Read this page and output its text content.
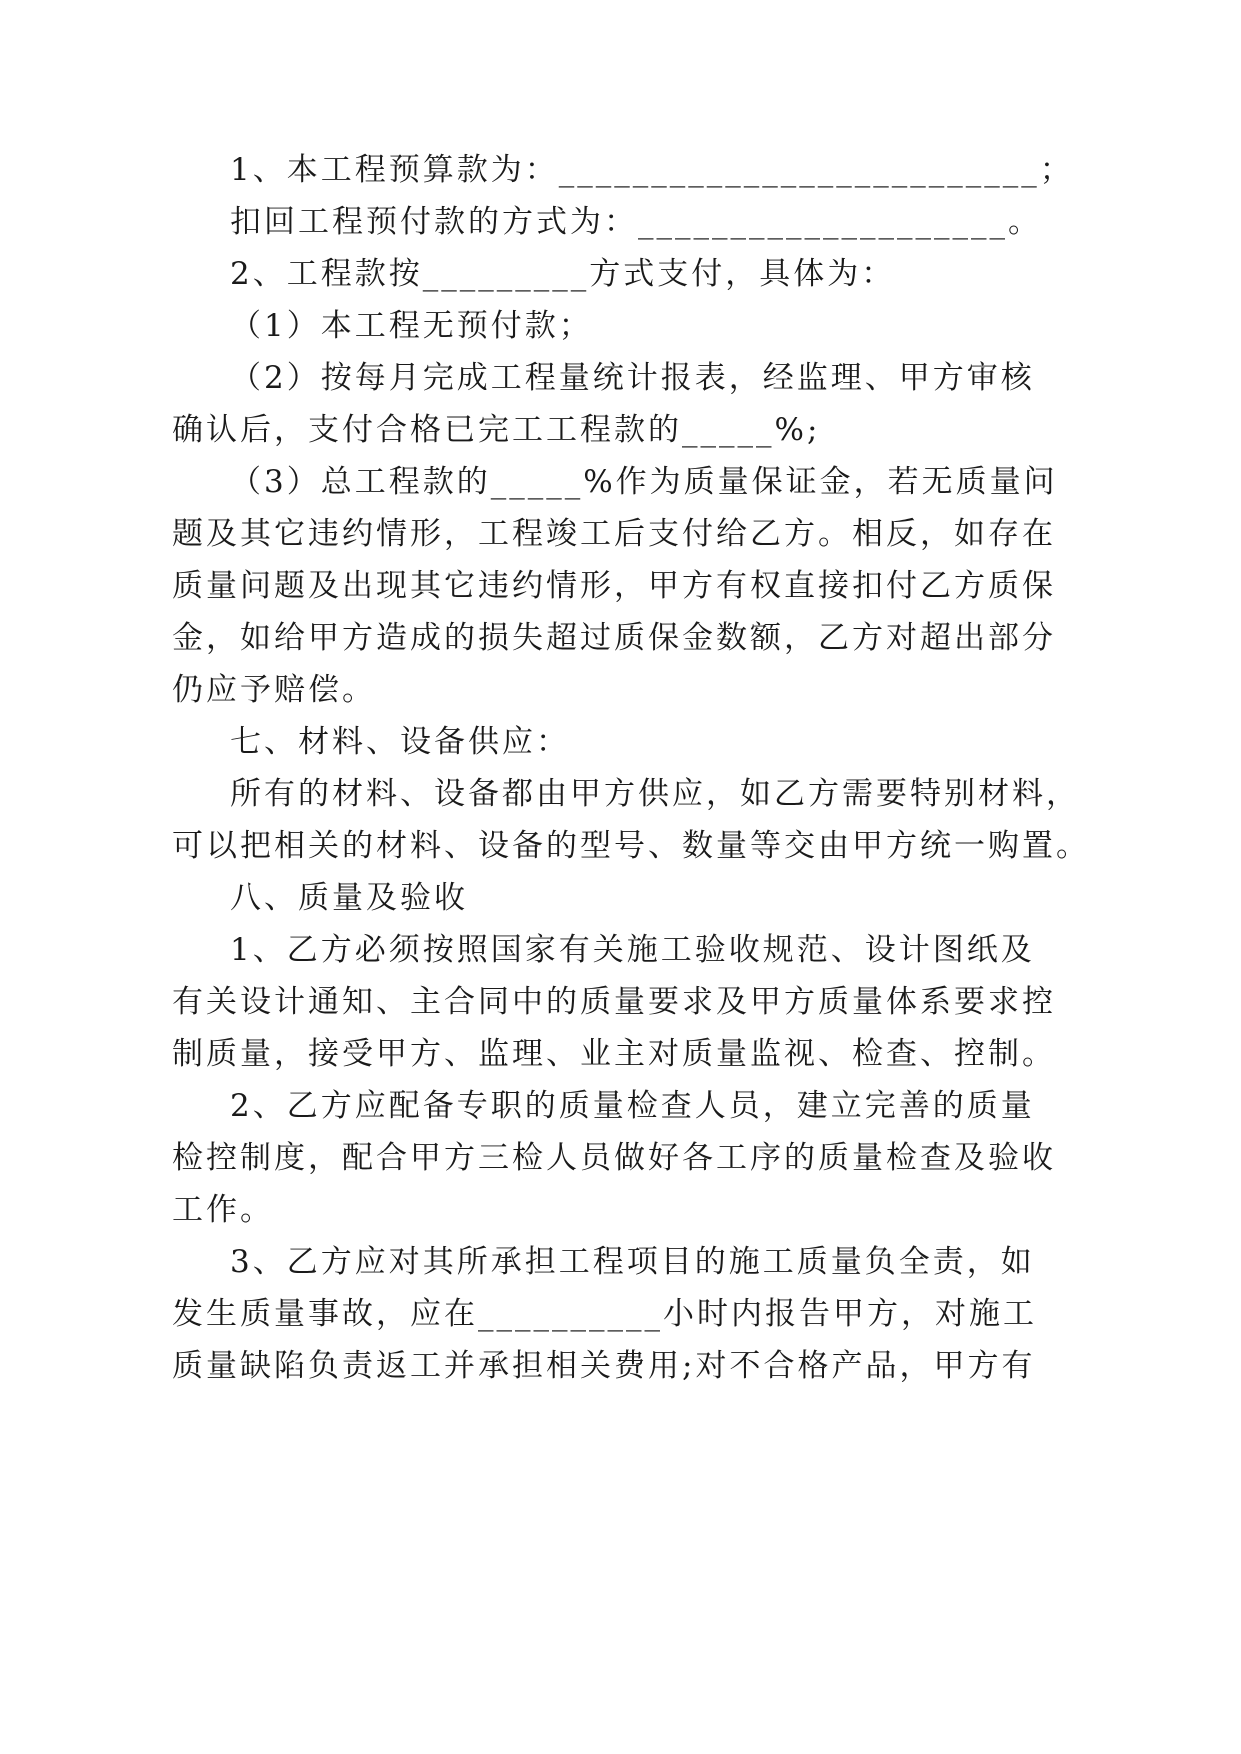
1、本工程预算款为：__________________________；
扣回工程预付款的方式为：____________________。
2、工程款按_________方式支付，具体为：
（1）本工程无预付款；
（2）按每月完成工程量统计报表，经监理、甲方审核
确认后，支付合格已完工工程款的_____%;
（3）总工程款的_____%作为质量保证金，若无质量问
题及其它违约情形，工程竣工后支付给乙方。相反，如存在
质量问题及出现其它违约情形，甲方有权直接扣付乙方质保
金，如给甲方造成的损失超过质保金数额，乙方对超出部分
仍应予赔偿。
七、材料、设备供应：
所有的材料、设备都由甲方供应，如乙方需要特别材料，
可以把相关的材料、设备的型号、数量等交由甲方统一购置。
八、质量及验收
1、乙方必须按照国家有关施工验收规范、设计图纸及
有关设计通知、主合同中的质量要求及甲方质量体系要求控
制质量，接受甲方、监理、业主对质量监视、检查、控制。
2、乙方应配备专职的质量检查人员，建立完善的质量
检控制度，配合甲方三检人员做好各工序的质量检查及验收
工作。
3、乙方应对其所承担工程项目的施工质量负全责，如
发生质量事故，应在__________小时内报告甲方，对施工
质量缺陷负责返工并承担相关费用;对不合格产品，甲方有
